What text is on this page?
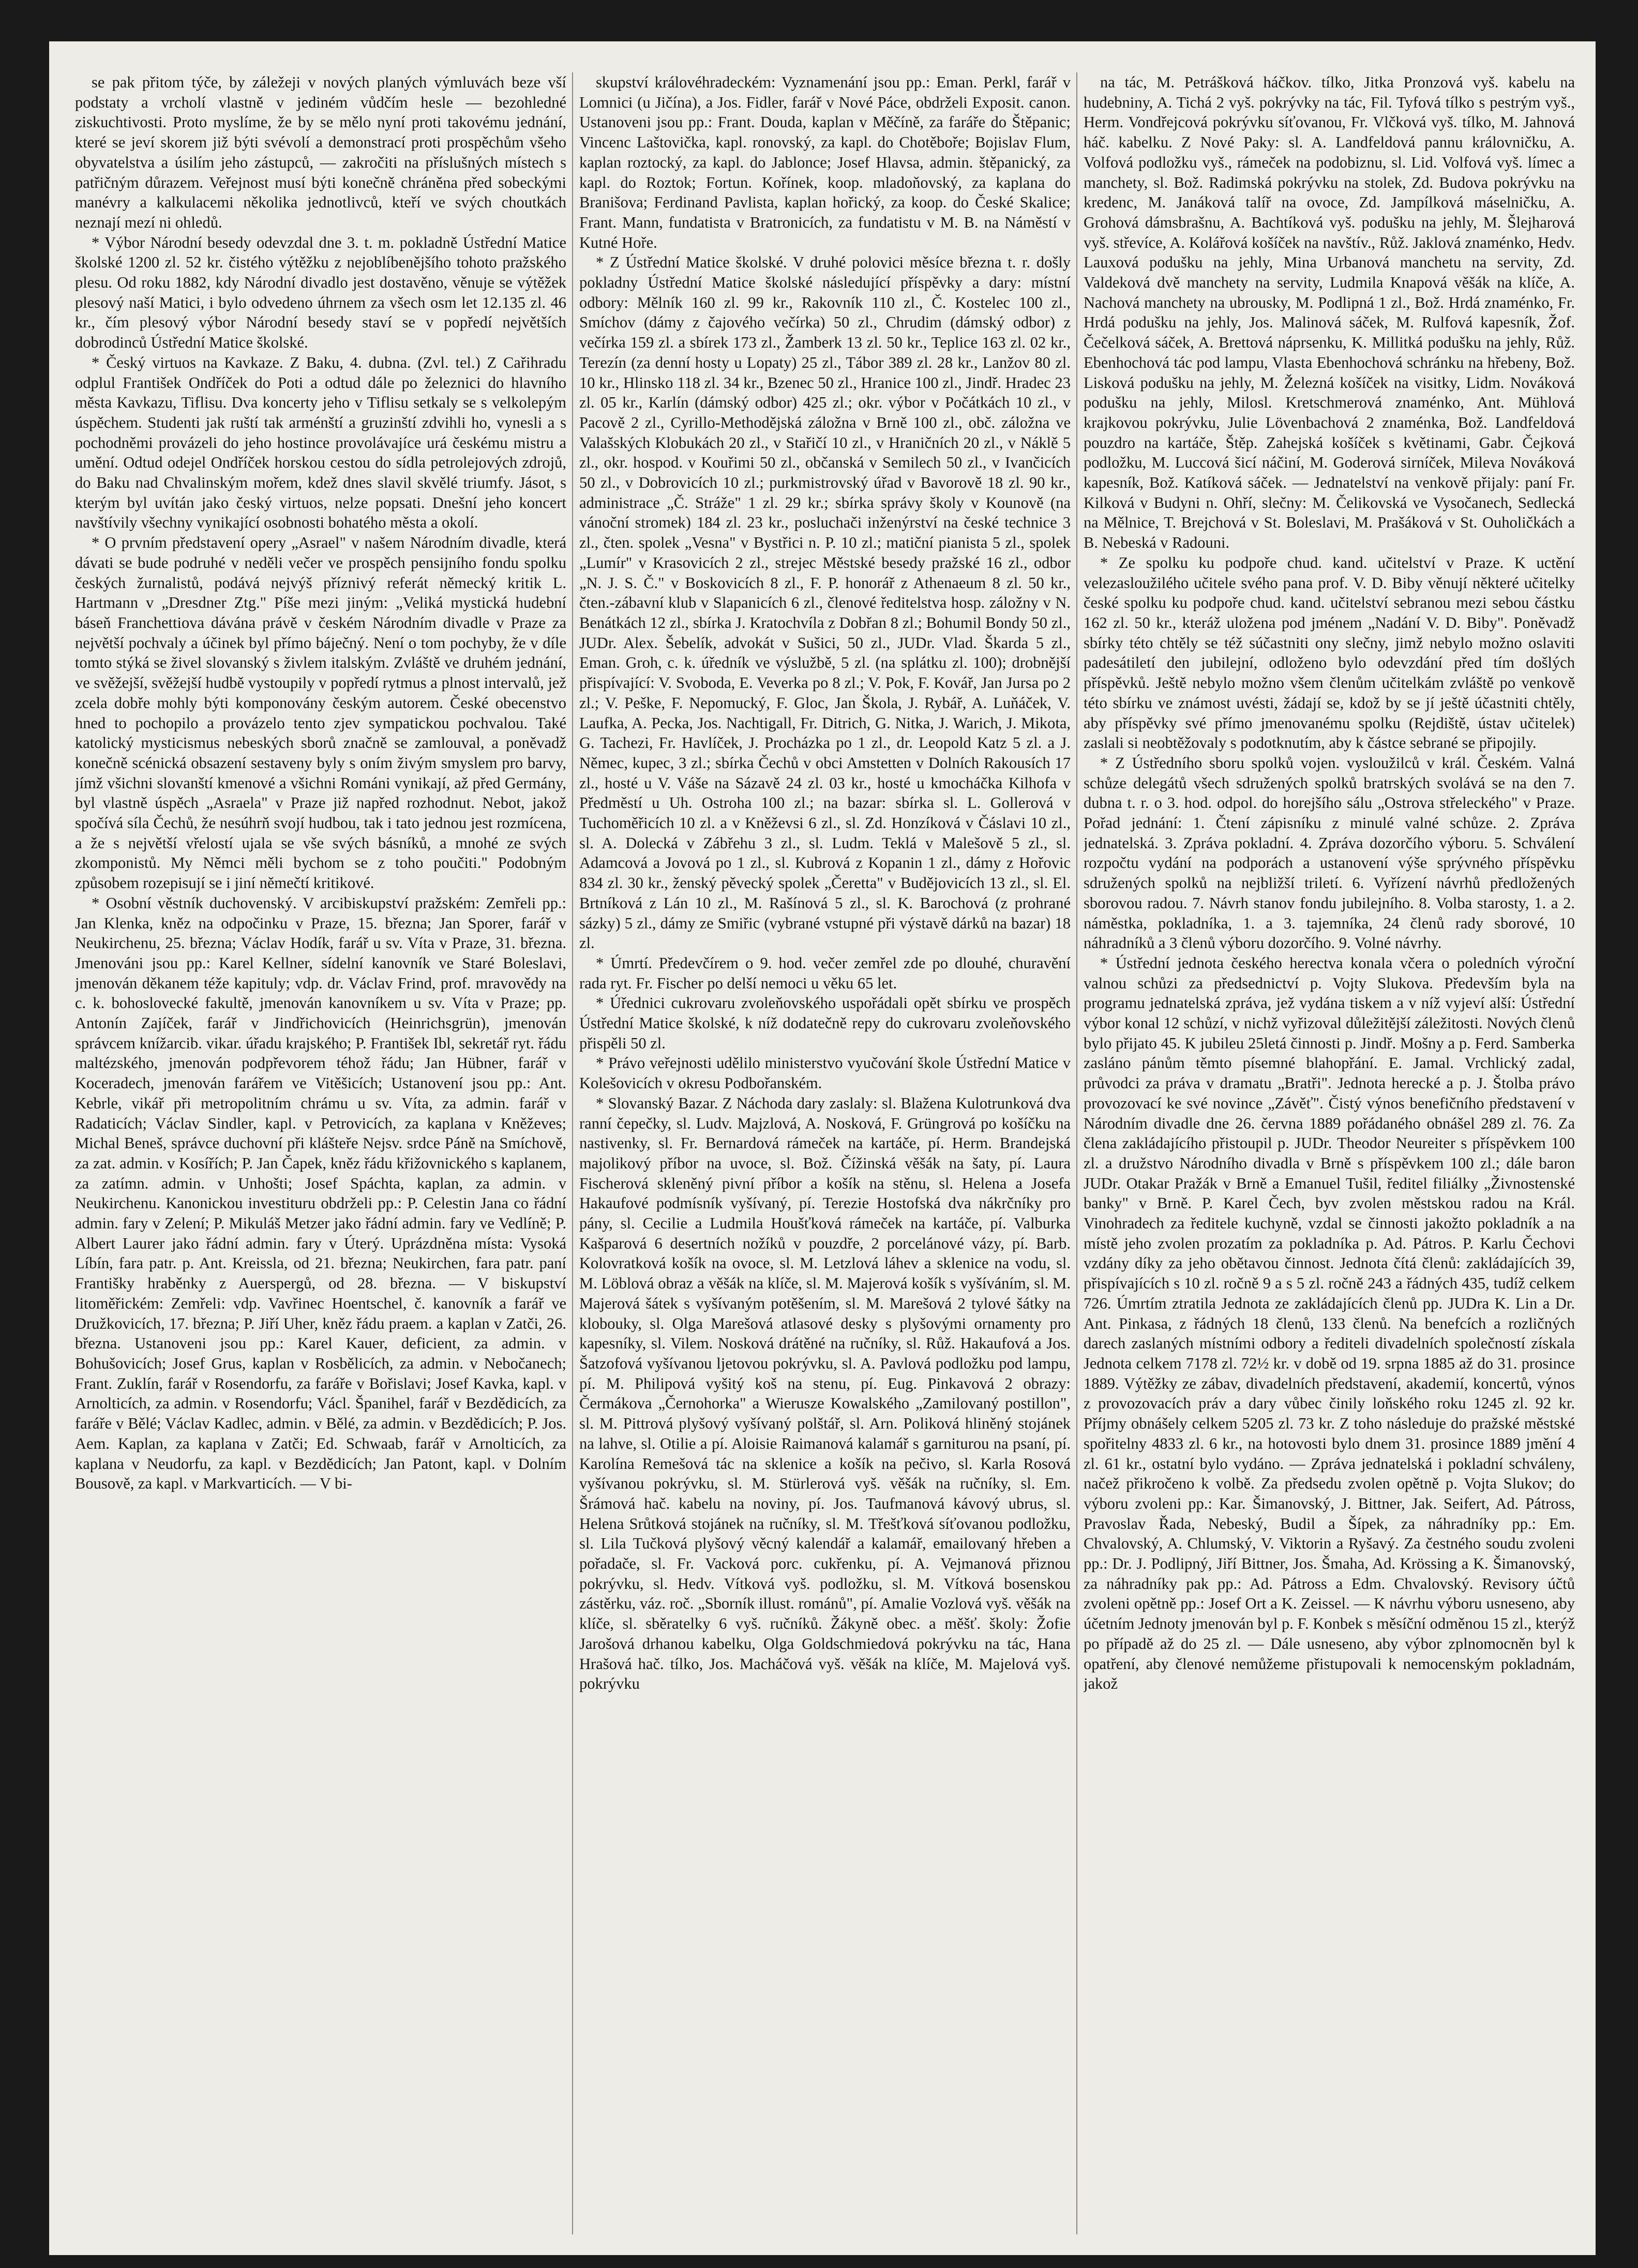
se pak přitom týče, by záležeji v nových planých výmluvách beze vší podstaty a vrcholí vlastně v jediném vůdčím hesle — bezohledné ziskuchtivosti. Proto myslíme, že by se mělo nyní proti takovému jednání, které se jeví skorem již býti svévolí a demonstrací proti prospěchům všeho obyvatelstva a úsilím jeho zástupců, — zakročiti na příslušných místech s patřičným důrazem. Veřejnost musí býti konečně chráněna před sobeckými manévry a kalkulacemi několika jednotlivců, kteří ve svých choutkách neznají mezí ni ohledů.

* Výbor Národní besedy odevzdal dne 3. t. m. pokladně Ústřední Matice školské 1200 zl. 52 kr. čistého výtěžku z nejoblíbenějšího tohoto pražského plesu. Od roku 1882, kdy Národní divadlo jest dostavěno, věnuje se výtěžek plesový naší Matici, i bylo odvedeno úhrnem za všech osm let 12.135 zl. 46 kr., čím plesový výbor Národní besedy staví se v popředí největších dobrodinců Ústřední Matice školské.

* Český virtuos na Kavkaze. Z Baku, 4. dubna. (Zvl. tel.) Z Cařihradu odplul František Ondříček do Poti a odtud dále po železnici do hlavního města Kavkazu, Tiflisu. Dva koncerty jeho v Tiflisu setkaly se s velkolepým úspěchem. Studenti jak ruští tak arménští a gruzinští zdvihli ho, vynesli a s pochodněmi provázeli do jeho hostince provolávajíce urá českému mistru a umění. Odtud odejel Ondříček horskou cestou do sídla petrolejových zdrojů, do Baku nad Chvalinským mořem, kdež dnes slavil skvělé triumfy. Jásot, s kterým byl uvítán jako český virtuos, nelze popsati. Dnešní jeho koncert navštívily všechny vynikající osobnosti bohatého města a okolí.

* O prvním představení opery „Asrael" v našem Národním divadle, která dávati se bude podruhé v neděli večer ve prospěch pensijního fondu spolku českých žurnalistů, podává nejvýš příznivý referát německý kritik L. Hartmann v „Dresdner Ztg." Píše mezi jiným: „Veliká mystická hudební báseň Franchettiova dávána právě v českém Národním divadle v Praze za největší pochvaly a účinek byl přímo báječný. Není o tom pochyby, že v díle tomto stýká se živel slovanský s živlem italským. Zvláště ve druhém jednání, ve svěžejší, svěžejší hudbě vystoupily v popředí rytmus a plnost intervalů, jež zcela dobře mohly býti komponovány českým autorem. České obecenstvo hned to pochopilo a provázelo tento zjev sympatickou pochvalou. Také katolický mysticismus nebeských sborů značně se zamlouval, a poněvadž konečně scénická obsazení sestaveny byly s oním živým smyslem pro barvy, jímž všichni slovanští kmenové a všichni Románi vynikají, až před Germány, byl vlastně úspěch „Asraela" v Praze již napřed rozhodnut. Nebot, jakož spočívá síla Čechů, že nesúhrň svojí hudbou, tak i tato jednou jest rozmícena, a že s největší vřelostí ujala se vše svých básníků, a mnohé ze svých zkomponistů. My Němci měli bychom se z toho poučiti." Podobným způsobem rozepisují se i jiní němečtí kritikové.

* Osobní věstník duchovenský. V arcibiskupství pražském: Zemřeli pp.: Jan Klenka, kněz na odpočinku v Praze, 15. března; Jan Sporer, farář v Neukirchenu, 25. března; Václav Hodík, farář u sv. Víta v Praze, 31. března. Jmenováni jsou pp.: Karel Kellner, sídelní kanovník ve Staré Boleslavi, jmenován děkanem téže kapituly; vdp. dr. Václav Frind, prof. mravovědy na c. k. bohoslovecké fakultě, jmenován kanovníkem u sv. Víta v Praze; pp. Antonín Zajíček, farář v Jindřichovicích (Heinrichsgrün), jmenován správcem knížarcib. vikar. úřadu krajského; P. František Ibl, sekretář ryt. řádu maltézského, jmenován podpřevorem téhož řádu; Jan Hübner, farář v Koceradech, jmenován farářem ve Vitěšicích; Ustanovení jsou pp.: Ant. Kebrle, vikář při metropolitním chrámu u sv. Víta, za admin. farář v Radaticích; Václav Sindler, kapl. v Petrovicích, za kaplana v Kněževes; Michal Beneš, správce duchovní při klášteře Nejsv. srdce Páně na Smíchově, za zat. admin. v Kosířích; P. Jan Čapek, kněz řádu křižovnického s kaplanem, za zatímn. admin. v Unhošti; Josef Spáchta, kaplan, za admin. v Neukirchenu. Kanonickou investituru obdrželi pp.: P. Celestin Jana co řádní admin. fary v Zelení; P. Mikuláš Metzer jako řádní admin. fary ve Vedlíně; P. Albert Laurer jako řádní admin. fary v Úterý. Uprázdněna místa: Vysoká Líbín, fara patr. p. Ant. Kreissla, od 21. března; Neukirchen, fara patr. paní Františky hraběnky z Auerspergů, od 28. března. — V biskupství litoměřickém: Zemřeli: vdp. Vavřinec Hoentschel, č. kanovník a farář ve Družkovicích, 17. března; P. Jiří Uher, kněz řádu praem. a kaplan v Zatči, 26. března. Ustanoveni jsou pp.: Karel Kauer, deficient, za admin. v Bohušovicích; Josef Grus, kaplan v Rosbělicích, za admin. v Nebočanech; Frant. Zuklín, farář v Rosendorfu, za faráře v Bořislavi; Josef Kavka, kapl. v Arnolticích, za admin. v Rosendorfu; Václ. Španihel, farář v Bezdědicích, za faráře v Bělé; Václav Kadlec, admin. v Bělé, za admin. v Bezdědicích; P. Jos. Aem. Kaplan, za kaplana v Zatči; Ed. Schwaab, farář v Arnolticích, za kaplana v Neudorfu, za kapl. v Bezdědicích; Jan Patont, kapl. v Dolním Bousově, za kapl. v Markvarticích. — V bi-

skupství královéhradeckém: Vyznamenání jsou pp.: Eman. Perkl, farář v Lomnici (u Jičína), a Jos. Fidler, farář v Nové Páce, obdrželi Exposit. canon. Ustanoveni jsou pp.: Frant. Douda, kaplan v Měčíně, za faráře do Štěpanic; Vincenc Laštovička, kapl. ronovský, za kapl. do Chotěboře; Bojislav Flum, kaplan roztocký, za kapl. do Jablonce; Josef Hlavsa, admin. štěpanický, za kapl. do Roztok; Fortun. Kořínek, koop. mladoňovský, za kaplana do Branišova; Ferdinand Pavlista, kaplan hořický, za koop. do České Skalice; Frant. Mann, fundatista v Bratronicích, za fundatistu v M. B. na Náměstí v Kutné Hoře.

* Z Ústřední Matice školské. V druhé polovici měsíce března t. r. došly pokladny Ústřední Matice školské následující příspěvky a dary: místní odbory: Mělník 160 zl. 99 kr., Rakovník 110 zl., Č. Kostelec 100 zl., Smíchov (dámy z čajového večírka) 50 zl., Chrudim (dámský odbor) z večírka 159 zl. a sbírek 173 zl., Žamberk 13 zl. 50 kr., Teplice 163 zl. 02 kr., Terezín (za denní hosty u Lopaty) 25 zl., Tábor 389 zl. 28 kr., Lanžov 80 zl. 10 kr., Hlinsko 118 zl. 34 kr., Bzenec 50 zl., Hranice 100 zl., Jindř. Hradec 23 zl. 05 kr., Karlín (dámský odbor) 425 zl.; okr. výbor v Počátkách 10 zl., v Pacově 2 zl., Cyrillo-Methodějská záložna v Brně 100 zl., obč. záložna ve Valašských Klobukách 20 zl., v Stařičí 10 zl., v Hraničních 20 zl., v Náklě 5 zl., okr. hospod. v Kouřimi 50 zl., občanská v Semilech 50 zl., v Ivančicích 50 zl., v Dobrovicích 10 zl.; purkmistrovský úřad v Bavorově 18 zl. 90 kr., administrace „Č. Stráže" 1 zl. 29 kr.; sbírka správy školy v Kounově (na vánoční stromek) 184 zl. 23 kr., posluchači inženýrství na české technice 3 zl., čten. spolek „Vesna" v Bystřici n. P. 10 zl.; matiční pianista 5 zl., spolek „Lumír" v Krasovicích 2 zl., strejec Městské besedy pražské 16 zl., odbor „N. J. S. Č." v Boskovicích 8 zl., F. P. honorář z Athenaeum 8 zl. 50 kr., čten.-zábavní klub v Slapanicích 6 zl., členové ředitelstva hosp. záložny v N. Benátkách 12 zl., sbírka J. Kratochvíla z Dobřan 8 zl.; Bohumil Bondy 50 zl., JUDr. Alex. Šebelík, advokát v Sušici, 50 zl., JUDr. Vlad. Škarda 5 zl., Eman. Groh, c. k. úředník ve výslužbě, 5 zl. (na splátku zl. 100); drobnější přispívající: V. Svoboda, E. Veverka po 8 zl.; V. Pok, F. Kovář, Jan Jursa po 2 zl.; V. Peške, F. Nepomucký, F. Gloc, Jan Škola, J. Rybář, A. Luňáček, V. Laufka, A. Pecka, Jos. Nachtigall, Fr. Ditrich, G. Nitka, J. Warich, J. Mikota, G. Tachezi, Fr. Havlíček, J. Procházka po 1 zl., dr. Leopold Katz 5 zl. a J. Němec, kupec, 3 zl.; sbírka Čechů v obci Amstetten v Dolních Rakousích 17 zl., hosté u V. Váše na Sázavě 24 zl. 03 kr., hosté u kmocháčka Kilhofa v Předměstí u Uh. Ostroha 100 zl.; na bazar: sbírka sl. L. Gollerová v Tuchoměřicích 10 zl. a v Kněževsi 6 zl., sl. Zd. Honzíková v Čáslavi 10 zl., sl. A. Dolecká v Zábřehu 3 zl., sl. Ludm. Teklá v Malešově 5 zl., sl. Adamcová a Jovová po 1 zl., sl. Kubrová z Kopanin 1 zl., dámy z Hořovic 834 zl. 30 kr., ženský pěvecký spolek „Čeretta" v Budějovicích 13 zl., sl. El. Brtníková z Lán 10 zl., M. Rašínová 5 zl., sl. K. Barochová (z prohrané sázky) 5 zl., dámy ze Smiřic (vybrané vstupné při výstavě dárků na bazar) 18 zl.

* Úmrtí. Předevčírem o 9. hod. večer zemřel zde po dlouhé, churavění rada ryt. Fr. Fischer po delší nemoci u věku 65 let.

* Úřednici cukrovaru zvoleňovského uspořádali opět sbírku ve prospěch Ústřední Matice školské, k níž dodatečně repy do cukrovaru zvoleňovského přispěli 50 zl.

* Právo veřejnosti udělilo ministerstvo vyučování škole Ústřední Matice v Kolešovicích v okresu Podbořanském.

* Slovanský Bazar. Z Náchoda dary zaslaly: sl. Blažena Kulotrunková dva ranní čepečky, sl. Ludv. Majzlová, A. Nosková, F. Grüngrová po košíčku na nastivenky, sl. Fr. Bernardová rámeček na kartáče, pí. Herm. Brandejská majolikový příbor na uvoce, sl. Bož. Čížinská věšák na šaty, pí. Laura Fischerová skleněný pivní příbor a košík na stěnu, sl. Helena a Josefa Hakaufové podmísník vyšívaný, pí. Terezie Hostofská dva nákrčníky pro pány, sl. Cecilie a Ludmila Houšťková rámeček na kartáče, pí. Valburka Kašparová 6 desertních nožíků v pouzdře, 2 porcelánové vázy, pí. Barb. Kolovratková košík na ovoce, sl. M. Letzlová láhev a sklenice na vodu, sl. M. Löblová obraz a věšák na klíče, sl. M. Majerová košík s vyšíváním, sl. M. Majerová šátek s vyšívaným potěšením, sl. M. Marešová 2 tylové šátky na klobouky, sl. Olga Marešová atlasové desky s plyšovými ornamenty pro kapesníky, sl. Vilem. Nosková drátěné na ručníky, sl. Růž. Hakaufová a Jos. Šatzofová vyšívanou ljetovou pokrývku, sl. A. Pavlová podložku pod lampu, pí. M. Philipová vyšitý koš na stenu, pí. Eug. Pinkavová 2 obrazy: Čermákova „Černohorka" a Wierusze Kowalského „Zamilovaný postillon", sl. M. Pittrová plyšový vyšívaný polštář, sl. Arn. Poliková hliněný stojánek na lahve, sl. Otilie a pí. Aloisie Raimanová kalamář s garniturou na psaní, pí. Karolína Remešová tác na sklenice a košík na pečivo, sl. Karla Rosová vyšívanou pokrývku, sl. M. Stürlerová vyš. věšák na ručníky, sl. Em. Šrámová hač. kabelu na noviny, pí. Jos. Taufmanová kávový ubrus, sl. Helena Srůtková stojánek na ručníky, sl. M. Třešťková síťovanou podložku, sl. Lila Tučková plyšový věcný kalendář a kalamář, emailovaný hřeben a pořadače, sl. Fr. Vacková porc. cukřenku, pí. A. Vejmanová přiznou pokrývku, sl. Hedv. Vítková vyš. podložku, sl. M. Vítková bosenskou zástěrku, váz. roč. „Sborník illust. románů", pí. Amalie Vozlová vyš. věšák na klíče, sl. sběratelky 6 vyš. ručníků. Žákyně obec. a měšť. školy: Žofie Jarošová drhanou kabelku, Olga Goldschmiedová pokrývku na tác, Hana Hrašová hač. tílko, Jos. Macháčová vyš. věšák na klíče, M. Majelová vyš. pokrývku

na tác, M. Petrášková háčkov. tílko, Jitka Pronzová vyš. kabelu na hudebniny, A. Tichá 2 vyš. pokrývky na tác, Fil. Tyfová tílko s pestrým vyš., Herm. Vondřejcová pokrývku síťovanou, Fr. Vlčková vyš. tílko, M. Jahnová háč. kabelku. Z Nové Paky: sl. A. Landfeldová pannu královničku, A. Volfová podložku vyš., rámeček na podobiznu, sl. Lid. Volfová vyš. límec a manchety, sl. Bož. Radimská pokrývku na stolek, Zd. Budova pokrývku na kredenc, M. Janáková talíř na ovoce, Zd. Jampílková máselničku, A. Grohová dámsbrašnu, A. Bachtíková vyš. podušku na jehly, M. Šlejharová vyš. střevíce, A. Kolářová košíček na navštív., Růž. Jaklová znaménko, Hedv. Lauxová podušku na jehly, Mina Urbanová manchetu na servity, Zd. Valdeková dvě manchety na servity, Ludmila Knapová věšák na klíče, A. Nachová manchety na ubrousky, M. Podlipná 1 zl., Bož. Hrdá znaménko, Fr. Hrdá podušku na jehly, Jos. Malinová sáček, M. Rulfová kapesník, Žof. Čečelková sáček, A. Brettová náprsenku, K. Millitká podušku na jehly, Růž. Ebenhochová tác pod lampu, Vlasta Ebenhochová schránku na hřebeny, Bož. Lisková podušku na jehly, M. Železná košíček na visitky, Lidm. Nováková podušku na jehly, Milosl. Kretschmerová znaménko, Ant. Mühlová krajkovou pokrývku, Julie Lövenbachová 2 znaménka, Bož. Landfeldová pouzdro na kartáče, Štěp. Zahejská košíček s květinami, Gabr. Čejková podložku, M. Luccová šicí náčiní, M. Goderová sirníček, Mileva Nováková kapesník, Bož. Katíková sáček. — Jednatelství na venkově přijaly: paní Fr. Kilková v Budyni n. Ohří, slečny: M. Čelikovská ve Vysočanech, Sedlecká na Mělnice, T. Brejchová v St. Boleslavi, M. Prašáková v St. Ouholičkách a B. Nebeská v Radouni.

* Ze spolku ku podpoře chud. kand. učitelství v Praze. K uctění velezasloužilého učitele svého pana prof. V. D. Biby věnují některé učitelky české spolku ku podpoře chud. kand. učitelství sebranou mezi sebou částku 162 zl. 50 kr., kteráž uložena pod jménem „Nadání V. D. Biby". Poněvadž sbírky této chtěly se též súčastniti ony slečny, jimž nebylo možno oslaviti padesátiletí den jubilejní, odloženo bylo odevzdání před tím došlých příspěvků. Ještě nebylo možno všem členům učitelkám zvláště po venkově této sbírku ve známost uvésti, žádají se, kdož by se jí ještě účastniti chtěly, aby příspěvky své přímo jmenovanému spolku (Rejdiště, ústav učitelek) zaslali si neobtěžovaly s podotknutím, aby k částce sebrané se připojily.

* Z Ústředního sboru spolků vojen. vysloužilců v král. Českém. Valná schůze delegátů všech sdružených spolků bratrských svolává se na den 7. dubna t. r. o 3. hod. odpol. do horejšího sálu „Ostrova střeleckého" v Praze. Pořad jednání: 1. Čtení zápisníku z minulé valné schůze. 2. Zpráva jednatelská. 3. Zpráva pokladní. 4. Zpráva dozorčího výboru. 5. Schválení rozpočtu vydání na podporách a ustanovení výše sprývného příspěvku sdružených spolků na nejbližší triletí. 6. Vyřízení návrhů předložených sborovou radou. 7. Návrh stanov fondu jubilejního. 8. Volba starosty, 1. a 2. náměstka, pokladníka, 1. a 3. tajemníka, 24 členů rady sborové, 10 náhradníků a 3 členů výboru dozorčího. 9. Volné návrhy.

* Ústřední jednota českého herectva konala včera o poledních výroční valnou schůzi za předsednictví p. Vojty Slukova. Především byla na programu jednatelská zpráva, jež vydána tiskem a v níž vyjeví alší: Ústřední výbor konal 12 schůzí, v nichž vyřizoval důležitější záležitosti. Nových členů bylo přijato 45. K jubileu 25letá činnosti p. Jindř. Mošny a p. Ferd. Samberka zasláno pánům těmto písemné blahopřání. E. Jamal. Vrchlický zadal, průvodci za práva v dramatu „Bratři". Jednota herecké a p. J. Štolba právo provozovací ke své novince „Závěť". Čistý výnos benefičního představení v Národním divadle dne 26. června 1889 pořádaného obnášel 289 zl. 76. Za člena zakládajícího přistoupil p. JUDr. Theodor Neureiter s příspěvkem 100 zl. a družstvo Národního divadla v Brně s příspěvkem 100 zl.; dále baron JUDr. Otakar Pražák v Brně a Emanuel Tušil, ředitel filiálky „Živnostenské banky" v Brně. P. Karel Čech, byv zvolen městskou radou na Král. Vinohradech za ředitele kuchyně, vzdal se činnosti jakožto pokladník a na místě jeho zvolen prozatím za pokladníka p. Ad. Pátros. P. Karlu Čechovi vzdány díky za jeho obětavou činnost. Jednota čítá členů: zakládajících 39, přispívajících s 10 zl. ročně 9 a s 5 zl. ročně 243 a řádných 435, tudíž celkem 726. Úmrtím ztratila Jednota ze zakládajících členů pp. JUDra K. Lin a Dr. Ant. Pinkasa, z řádných 18 členů, 133 členů. Na benefcích a rozličných darech zaslaných místními odbory a řediteli divadelních společností získala Jednota celkem 7178 zl. 72½ kr. v době od 19. srpna 1885 až do 31. prosince 1889. Výtěžky ze zábav, divadelních představení, akademií, koncertů, výnos z provozovacích práv a dary vůbec činily loňského roku 1245 zl. 92 kr. Příjmy obnášely celkem 5205 zl. 73 kr. Z toho následuje do pražské městské spořitelny 4833 zl. 6 kr., na hotovosti bylo dnem 31. prosince 1889 jmění 4 zl. 61 kr., ostatní bylo vydáno. — Zpráva jednatelská i pokladní schváleny, načež přikročeno k volbě. Za předsedu zvolen opětně p. Vojta Slukov; do výboru zvoleni pp.: Kar. Šimanovský, J. Bittner, Jak. Seifert, Ad. Pátross, Pravoslav Řada, Nebeský, Budil a Šípek, za náhradníky pp.: Em. Chvalovský, A. Chlumský, V. Viktorin a Ryšavý. Za čestného soudu zvoleni pp.: Dr. J. Podlipný, Jiří Bittner, Jos. Šmaha, Ad. Krössing a K. Šimanovský, za náhradníky pak pp.: Ad. Pátross a Edm. Chvalovský. Revisory účtů zvoleni opětně pp.: Josef Ort a K. Zeissel. — K návrhu výboru usneseno, aby účetním Jednoty jmenován byl p. F. Konbek s měsíční odměnou 15 zl., kterýž po případě až do 25 zl. — Dále usneseno, aby výbor zplnomocněn byl k opatření, aby členové nemůžeme přistupovali k nemocenským pokladnám, jakož
